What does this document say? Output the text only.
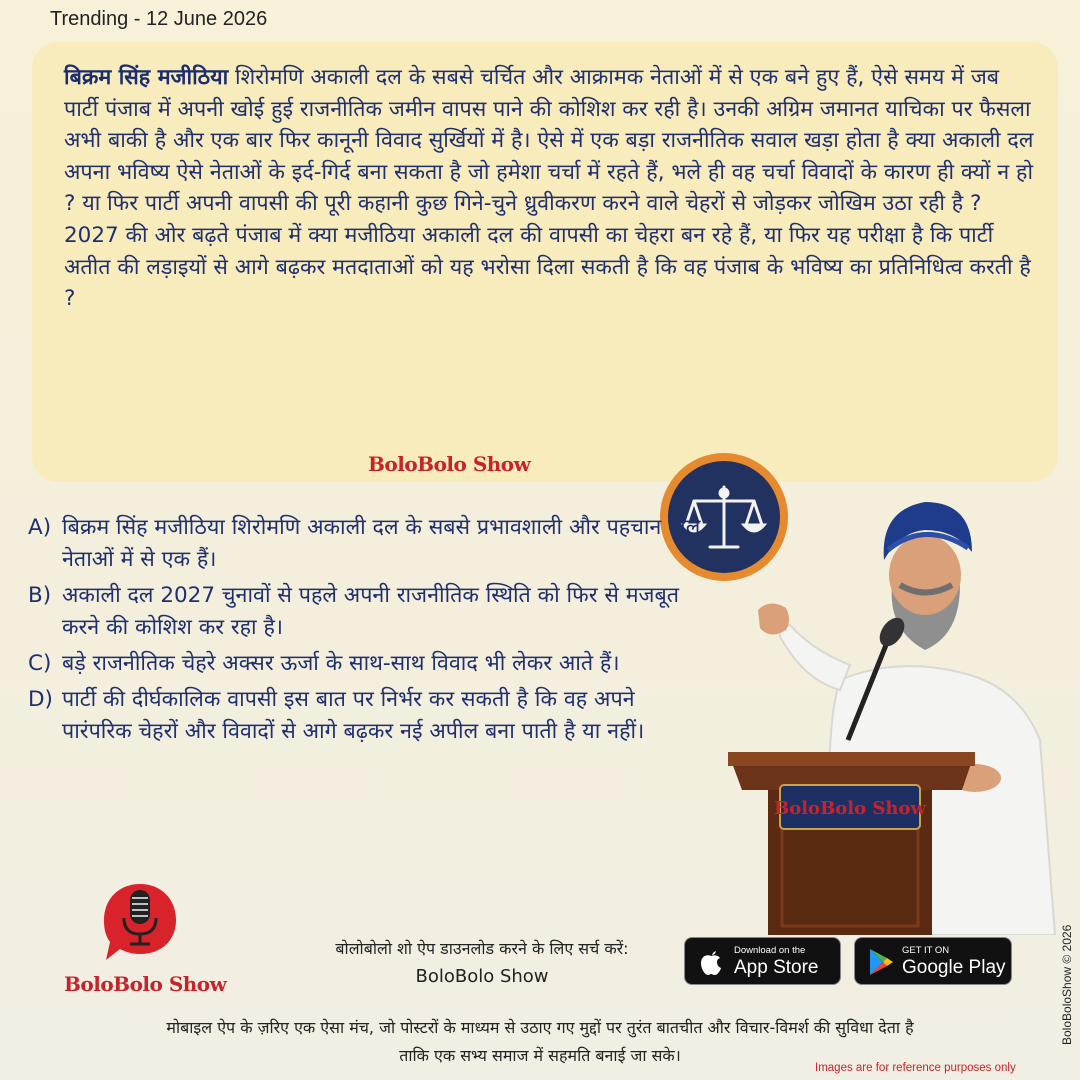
Trending - 12 June 2026

बिक्रम सिंह मजीठिया शिरोमणि अकाली दल के सबसे चर्चित और आक्रामक नेताओं में से एक बने हुए हैं, ऐसे समय में जब पार्टी पंजाब में अपनी खोई हुई राजनीतिक जमीन वापस पाने की कोशिश कर रही है। उनकी अग्रिम जमानत याचिका पर फैसला अभी बाकी है और एक बार फिर कानूनी विवाद सुर्खियों में है। ऐसे में एक बड़ा राजनीतिक सवाल खड़ा होता है क्या अकाली दल अपना भविष्य ऐसे नेताओं के इर्द-गिर्द बना सकता है जो हमेशा चर्चा में रहते हैं, भले ही वह चर्चा विवादों के कारण ही क्यों न हो ? या फिर पार्टी अपनी वापसी की पूरी कहानी कुछ गिने-चुने ध्रुवीकरण करने वाले चेहरों से जोड़कर जोखिम उठा रही है ? 2027 की ओर बढ़ते पंजाब में क्या मजीठिया अकाली दल की वापसी का चेहरा बन रहे हैं, या फिर यह परीक्षा है कि पार्टी अतीत की लड़ाइयों से आगे बढ़कर मतदाताओं को यह भरोसा दिला सकती है कि वह पंजाब के भविष्य का प्रतिनिधित्व करती है ?

BoloBolo Show
A) बिक्रम सिंह मजीठिया शिरोमणि अकाली दल के सबसे प्रभावशाली और पहचान वाले नेताओं में से एक हैं।
B) अकाली दल 2027 चुनावों से पहले अपनी राजनीतिक स्थिति को फिर से मजबूत करने की कोशिश कर रहा है।
C) बड़े राजनीतिक चेहरे अक्सर ऊर्जा के साथ-साथ विवाद भी लेकर आते हैं।
D) पार्टी की दीर्घकालिक वापसी इस बात पर निर्भर कर सकती है कि वह अपने पारंपरिक चेहरों और विवादों से आगे बढ़कर नई अपील बना पाती है या नहीं।
BoloBolo Show
BoloBolo Show
बोलोबोलो शो ऐप डाउनलोड करने के लिए सर्च करें:
BoloBolo Show
Download on the
App Store
GET IT ON
Google Play
मोबाइल ऐप के ज़रिए एक ऐसा मंच, जो पोस्टरों के माध्यम से उठाए गए मुद्दों पर तुरंत बातचीत और विचार-विमर्श की सुविधा देता है
ताकि एक सभ्य समाज में सहमति बनाई जा सके।
BoloBoloShow © 2026
Images are for reference purposes only
